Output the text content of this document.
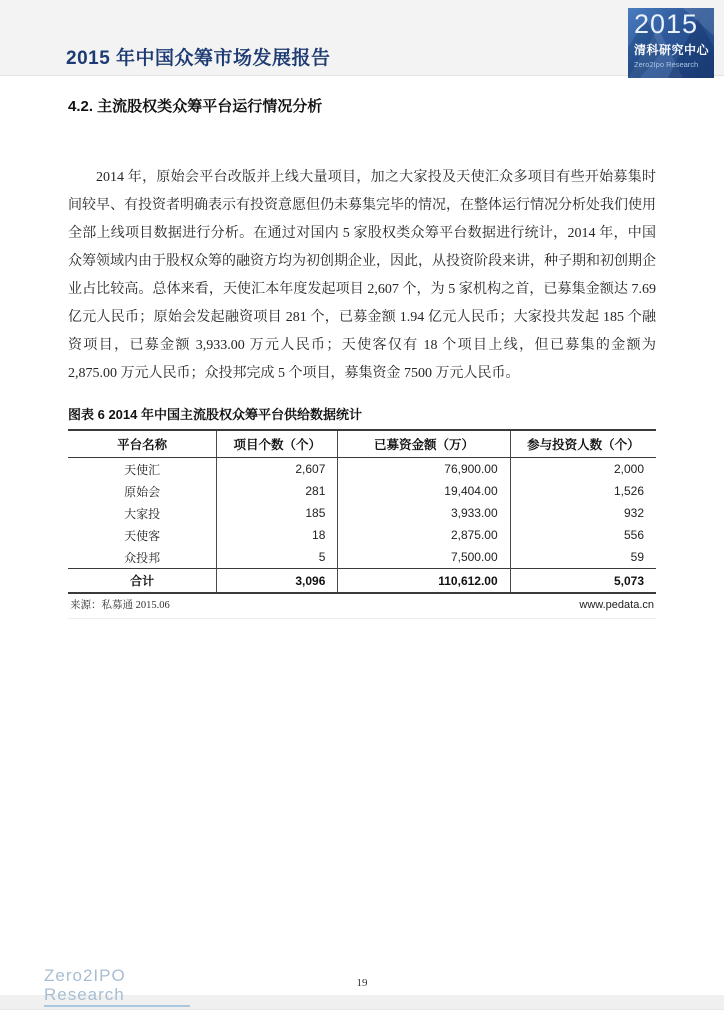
2015 年中国众筹市场发展报告
2015
清科研究中心
Zero2Ipo Research
4.2. 主流股权类众筹平台运行情况分析

2014 年，原始会平台改版并上线大量项目，加之大家投及天使汇众多项目有些开始募集时间较早、有投资者明确表示有投资意愿但仍未募集完毕的情况，在整体运行情况分析处我们使用全部上线项目数据进行分析。在通过对国内 5 家股权类众筹平台数据进行统计，2014 年，中国众筹领域内由于股权众筹的融资方均为初创期企业，因此，从投资阶段来讲，种子期和初创期企业占比较高。总体来看，天使汇本年度发起项目 2,607 个，为 5 家机构之首，已募集金额达 7.69 亿元人民币；原始会发起融资项目 281 个，已募金额 1.94 亿元人民币；大家投共发起 185 个融资项目，已募金额 3,933.00 万元人民币；天使客仅有 18 个项目上线，但已募集的金额为 2,875.00 万元人民币；众投邦完成 5 个项目，募集资金 7500 万元人民币。

图表 6 2014 年中国主流股权众筹平台供给数据统计
平台名称	项目个数（个）	已募资金额（万）	参与投资人数（个）
天使汇	2,607	76,900.00	2,000
原始会	281	19,404.00	1,526
大家投	185	3,933.00	932
天使客	18	2,875.00	556
众投邦	5	7,500.00	59
合计	3,096	110,612.00	5,073
来源：私募通 2015.06	www.pedata.cn
Zero2IPO
Research
19
